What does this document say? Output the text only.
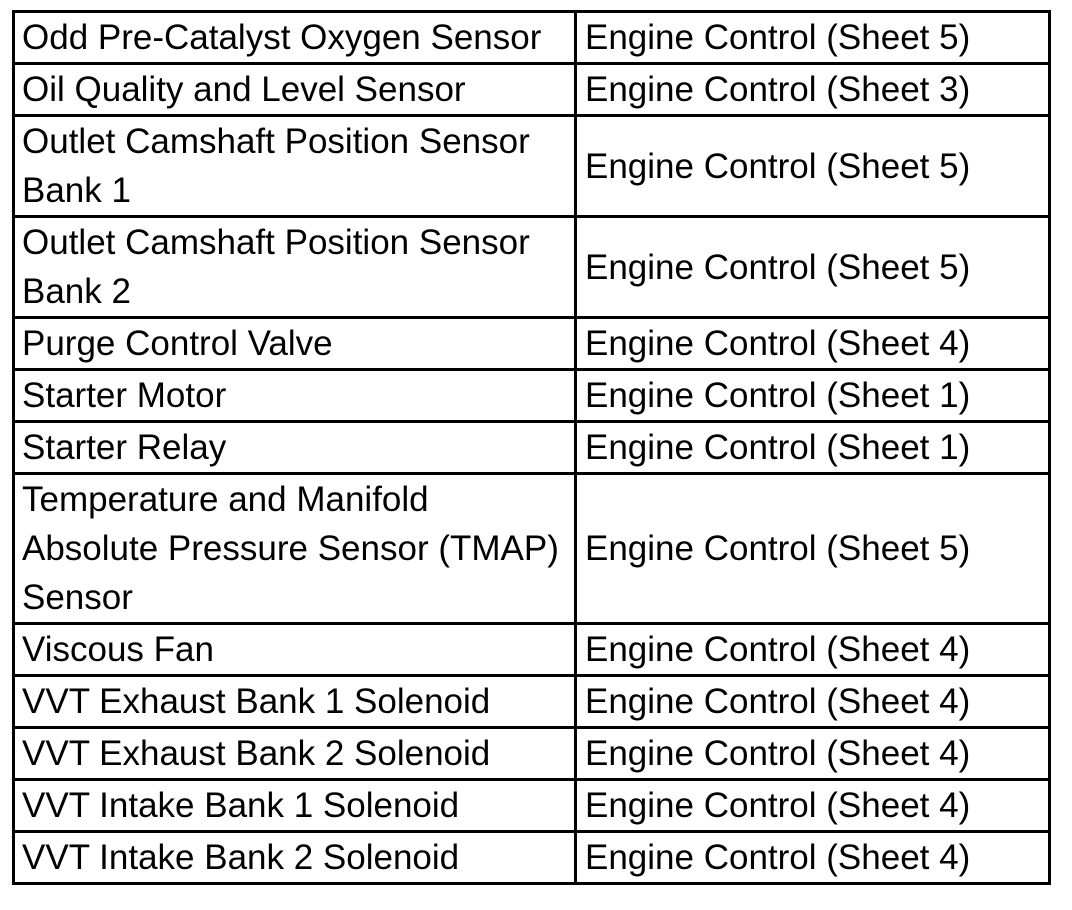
Odd Pre-Catalyst Oxygen Sensor	Engine Control (Sheet 5)
Oil Quality and Level Sensor	Engine Control (Sheet 3)
Outlet Camshaft Position Sensor Bank 1	Engine Control (Sheet 5)
Outlet Camshaft Position Sensor Bank 2	Engine Control (Sheet 5)
Purge Control Valve	Engine Control (Sheet 4)
Starter Motor	Engine Control (Sheet 1)
Starter Relay	Engine Control (Sheet 1)
Temperature and Manifold Absolute Pressure Sensor (TMAP) Sensor	Engine Control (Sheet 5)
Viscous Fan	Engine Control (Sheet 4)
VVT Exhaust Bank 1 Solenoid	Engine Control (Sheet 4)
VVT Exhaust Bank 2 Solenoid	Engine Control (Sheet 4)
VVT Intake Bank 1 Solenoid	Engine Control (Sheet 4)
VVT Intake Bank 2 Solenoid	Engine Control (Sheet 4)
